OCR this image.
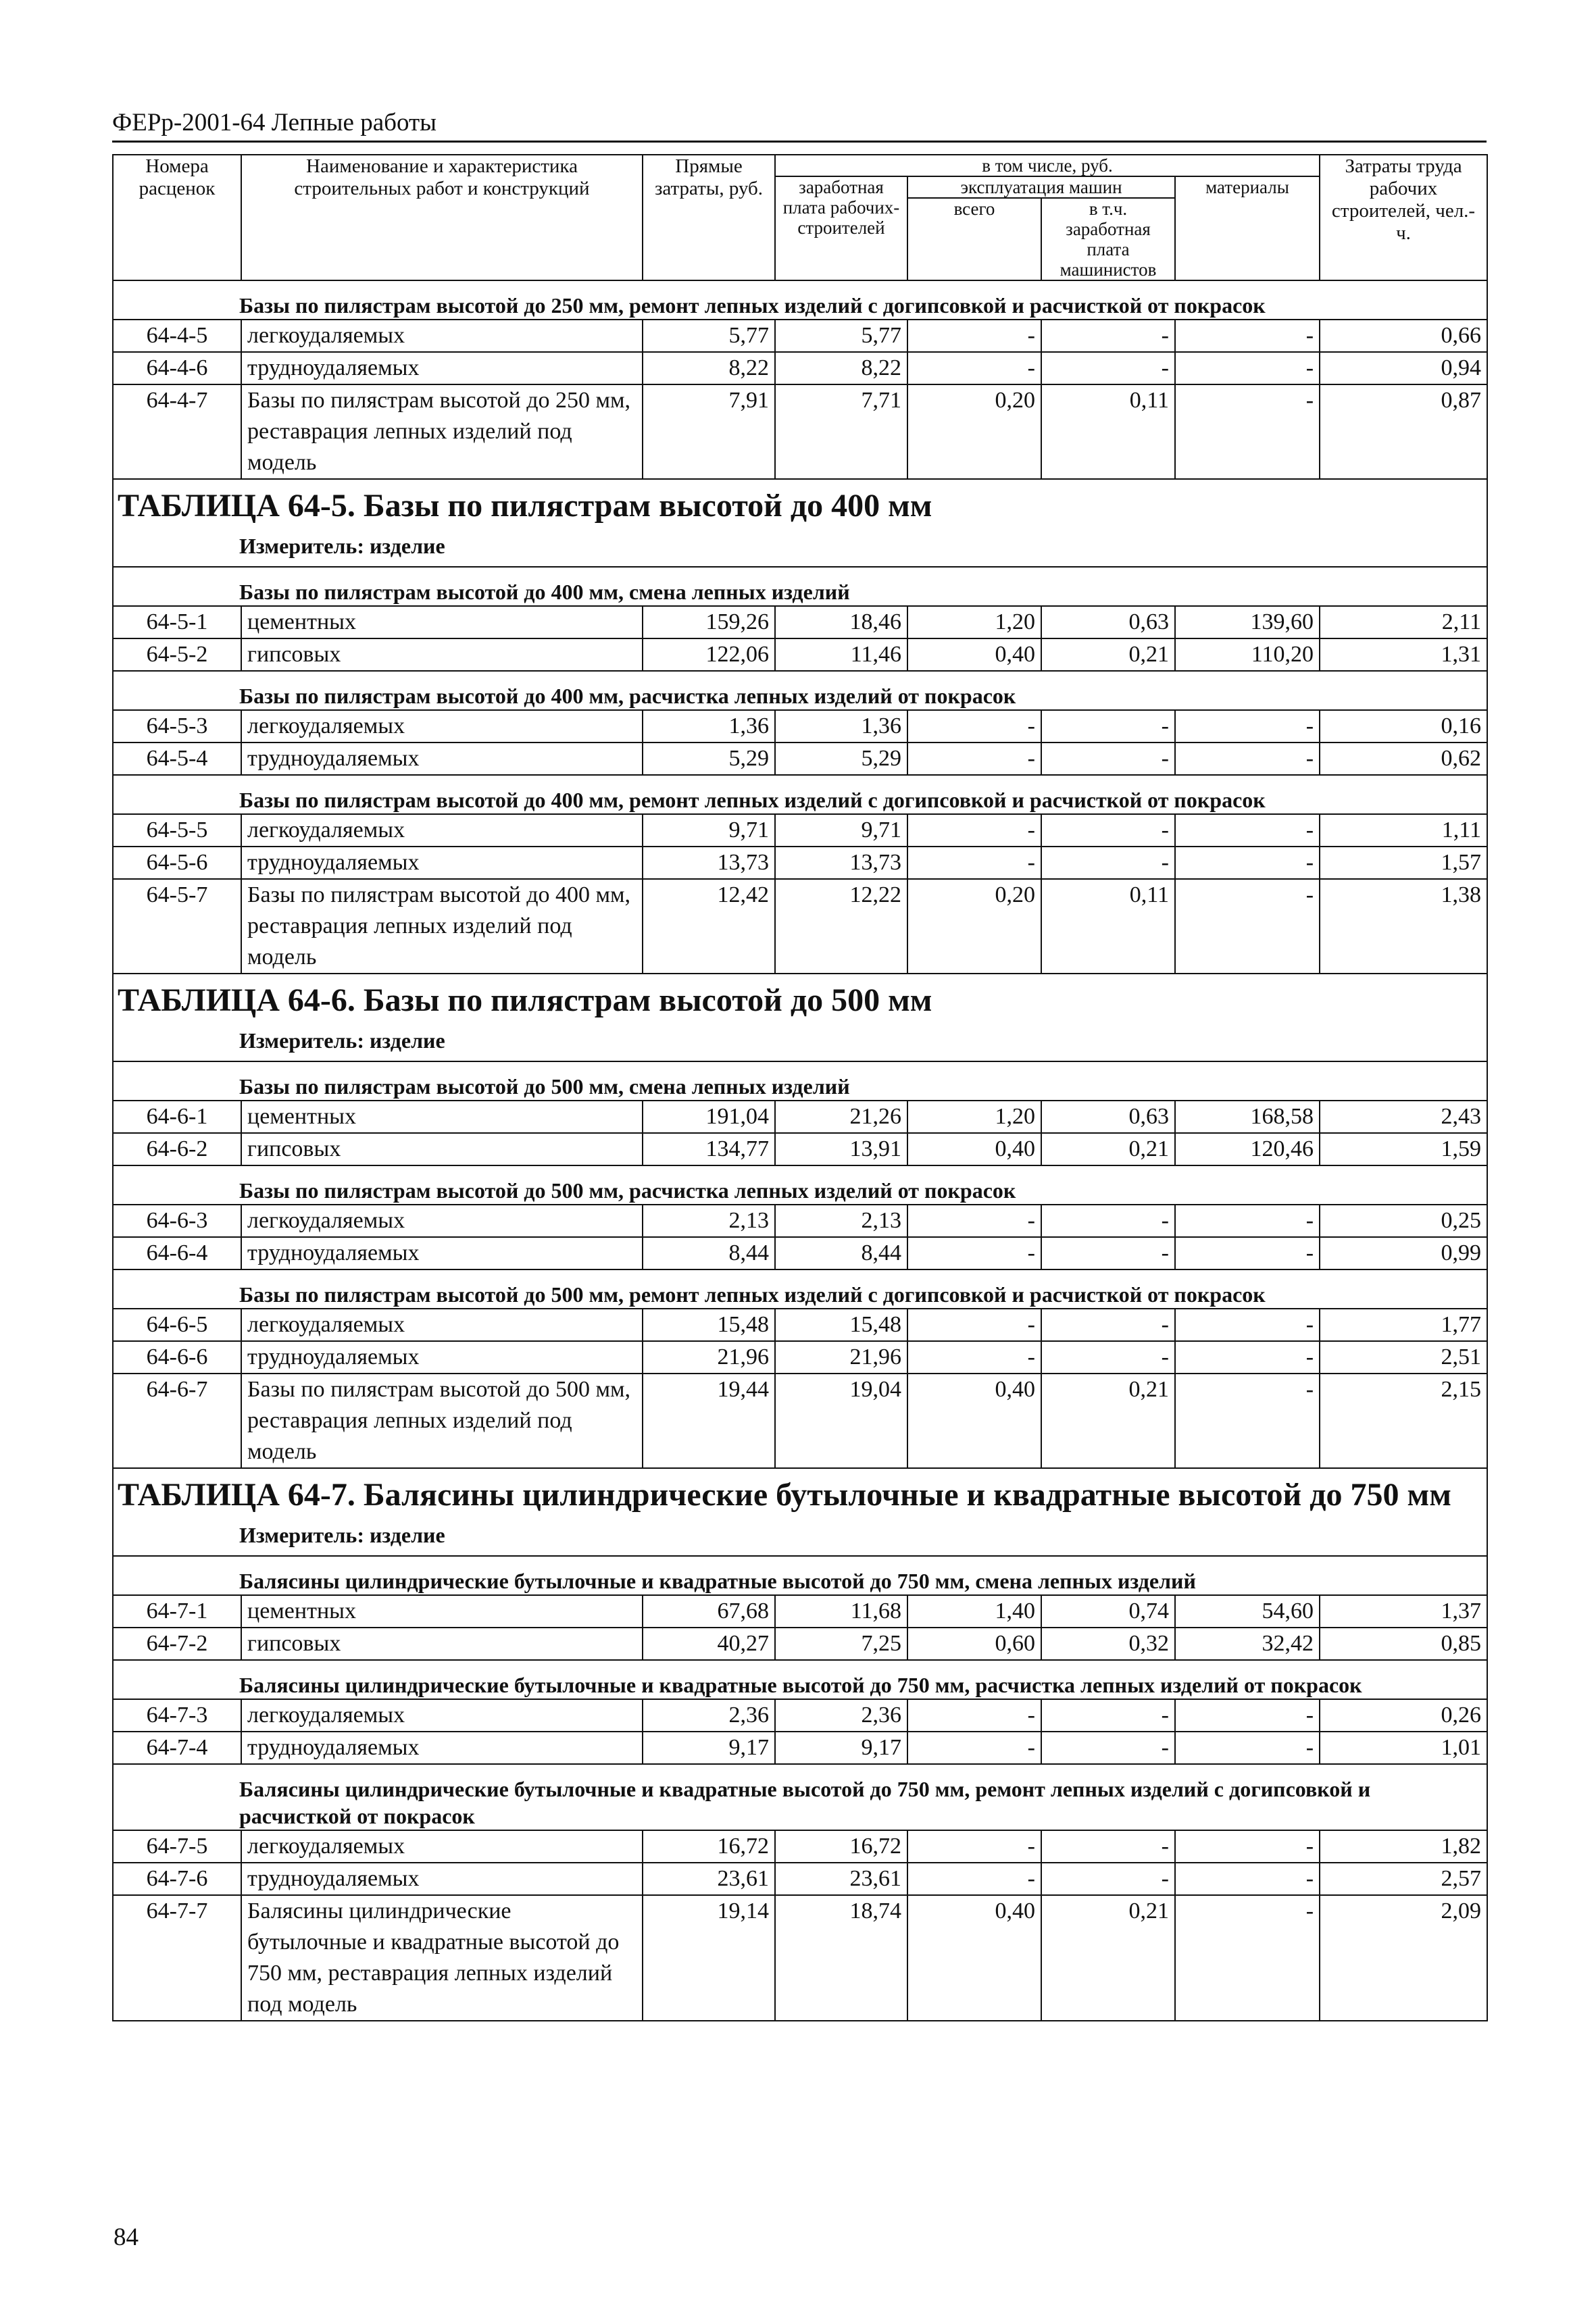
ФЕРр-2001-64 Лепные работы
Номера расценок	Наименование и характеристика строительных работ и конструкций	Прямые затраты, руб.	в том числе, руб.				Затраты труда рабочих строителей, чел.-ч.
			заработная плата рабочих-строителей	эксплуатация машин		материалы	
				всего	в т.ч. заработная плата машинистов		
Базы по пилястрам высотой до 250 мм, ремонт лепных изделий с догипсовкой и расчисткой от покрасок							
64-4-5	легкоудаляемых	5,77	5,77	-	-	-	0,66
64-4-6	трудноудаляемых	8,22	8,22	-	-	-	0,94
64-4-7	Базы по пилястрам высотой до 250 мм, реставрация лепных изделий под модель	7,91	7,71	0,20	0,11	-	0,87

ТАБЛИЦА 64-5. Базы по пилястрам высотой до 400 мм
Измеритель: изделие							

Базы по пилястрам высотой до 400 мм, смена лепных изделий							
64-5-1	цементных	159,26	18,46	1,20	0,63	139,60	2,11
64-5-2	гипсовых	122,06	11,46	0,40	0,21	110,20	1,31
Базы по пилястрам высотой до 400 мм, расчистка лепных изделий от покрасок							
64-5-3	легкоудаляемых	1,36	1,36	-	-	-	0,16
64-5-4	трудноудаляемых	5,29	5,29	-	-	-	0,62
Базы по пилястрам высотой до 400 мм, ремонт лепных изделий с догипсовкой и расчисткой от покрасок							
64-5-5	легкоудаляемых	9,71	9,71	-	-	-	1,11
64-5-6	трудноудаляемых	13,73	13,73	-	-	-	1,57
64-5-7	Базы по пилястрам высотой до 400 мм, реставрация лепных изделий под модель	12,42	12,22	0,20	0,11	-	1,38

ТАБЛИЦА 64-6. Базы по пилястрам высотой до 500 мм
Измеритель: изделие							

Базы по пилястрам высотой до 500 мм, смена лепных изделий							
64-6-1	цементных	191,04	21,26	1,20	0,63	168,58	2,43
64-6-2	гипсовых	134,77	13,91	0,40	0,21	120,46	1,59
Базы по пилястрам высотой до 500 мм, расчистка лепных изделий от покрасок							
64-6-3	легкоудаляемых	2,13	2,13	-	-	-	0,25
64-6-4	трудноудаляемых	8,44	8,44	-	-	-	0,99
Базы по пилястрам высотой до 500 мм, ремонт лепных изделий с догипсовкой и расчисткой от покрасок							
64-6-5	легкоудаляемых	15,48	15,48	-	-	-	1,77
64-6-6	трудноудаляемых	21,96	21,96	-	-	-	2,51
64-6-7	Базы по пилястрам высотой до 500 мм, реставрация лепных изделий под модель	19,44	19,04	0,40	0,21	-	2,15

ТАБЛИЦА 64-7. Балясины цилиндрические бутылочные и квадратные высотой до 750 мм
Измеритель: изделие							

Балясины цилиндрические бутылочные и квадратные высотой до 750 мм, смена лепных изделий							
64-7-1	цементных	67,68	11,68	1,40	0,74	54,60	1,37
64-7-2	гипсовых	40,27	7,25	0,60	0,32	32,42	0,85
Балясины цилиндрические бутылочные и квадратные высотой до 750 мм, расчистка лепных изделий от покрасок							
64-7-3	легкоудаляемых	2,36	2,36	-	-	-	0,26
64-7-4	трудноудаляемых	9,17	9,17	-	-	-	1,01
Балясины цилиндрические бутылочные и квадратные высотой до 750 мм, ремонт лепных изделий с догипсовкой и расчисткой от покрасок							
64-7-5	легкоудаляемых	16,72	16,72	-	-	-	1,82
64-7-6	трудноудаляемых	23,61	23,61	-	-	-	2,57
64-7-7	Балясины цилиндрические бутылочные и квадратные высотой до 750 мм, реставрация лепных изделий под модель	19,14	18,74	0,40	0,21	-	2,09
84
